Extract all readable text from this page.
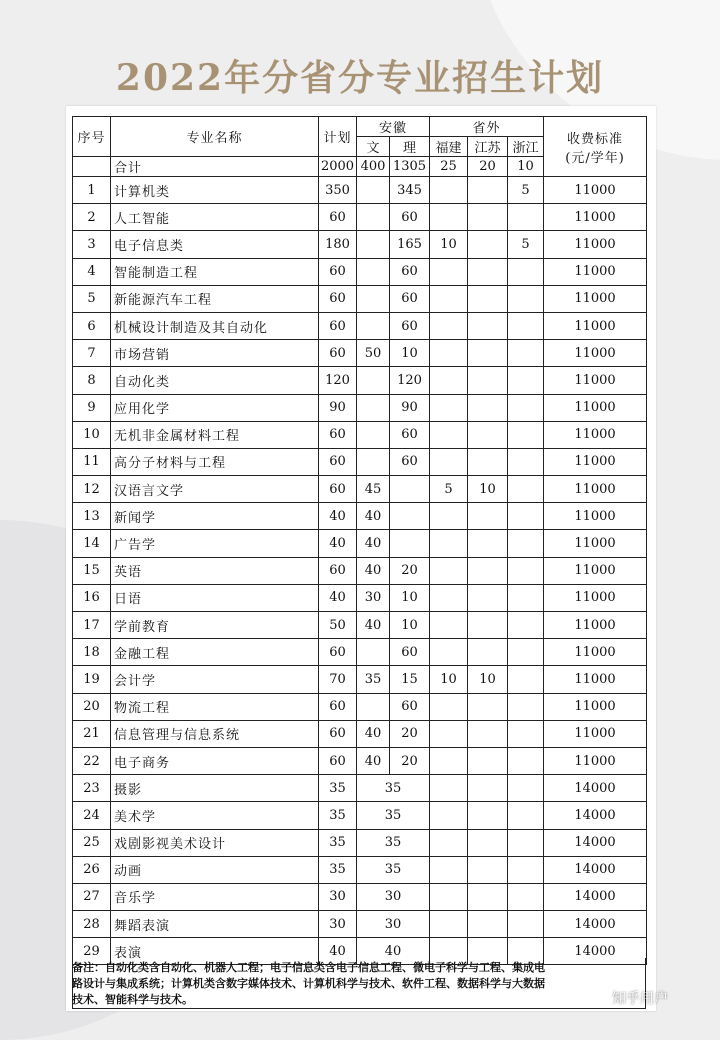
2022年分省分专业招生计划
序号	专业名称	计划	安徽		省外			收费标准
(元/学年)

			文	理	福建	江苏	浙江	
	合计	2000	400	1305	25	20	10	
1	计算机类	350		345			5	11000
2	人工智能	60		60				11000
3	电子信息类	180		165	10		5	11000
4	智能制造工程	60		60				11000
5	新能源汽车工程	60		60				11000
6	机械设计制造及其自动化	60		60				11000
7	市场营销	60	50	10				11000
8	自动化类	120		120				11000
9	应用化学	90		90				11000
10	无机非金属材料工程	60		60				11000
11	高分子材料与工程	60		60				11000
12	汉语言文学	60	45		5	10		11000
13	新闻学	40	40					11000
14	广告学	40	40					11000
15	英语	60	40	20				11000
16	日语	40	30	10				11000
17	学前教育	50	40	10				11000
18	金融工程	60		60				11000
19	会计学	70	35	15	10	10		11000
20	物流工程	60		60				11000
21	信息管理与信息系统	60	40	20				11000
22	电子商务	60	40	20				11000
23	摄影	35	35					14000
24	美术学	35	35					14000
25	戏剧影视美术设计	35	35					14000
26	动画	35	35					14000
27	音乐学	30	30					14000
28	舞蹈表演	30	30					14000
29	表演	40	40					14000
备注：自动化类含自动化、机器人工程；电子信息类含电子信息工程、微电子科学与工程、集成电
路设计与集成系统；计算机类含数字媒体技术、计算机科学与技术、软件工程、数据科学与大数据
技术、智能科学与技术。	知乎用户
